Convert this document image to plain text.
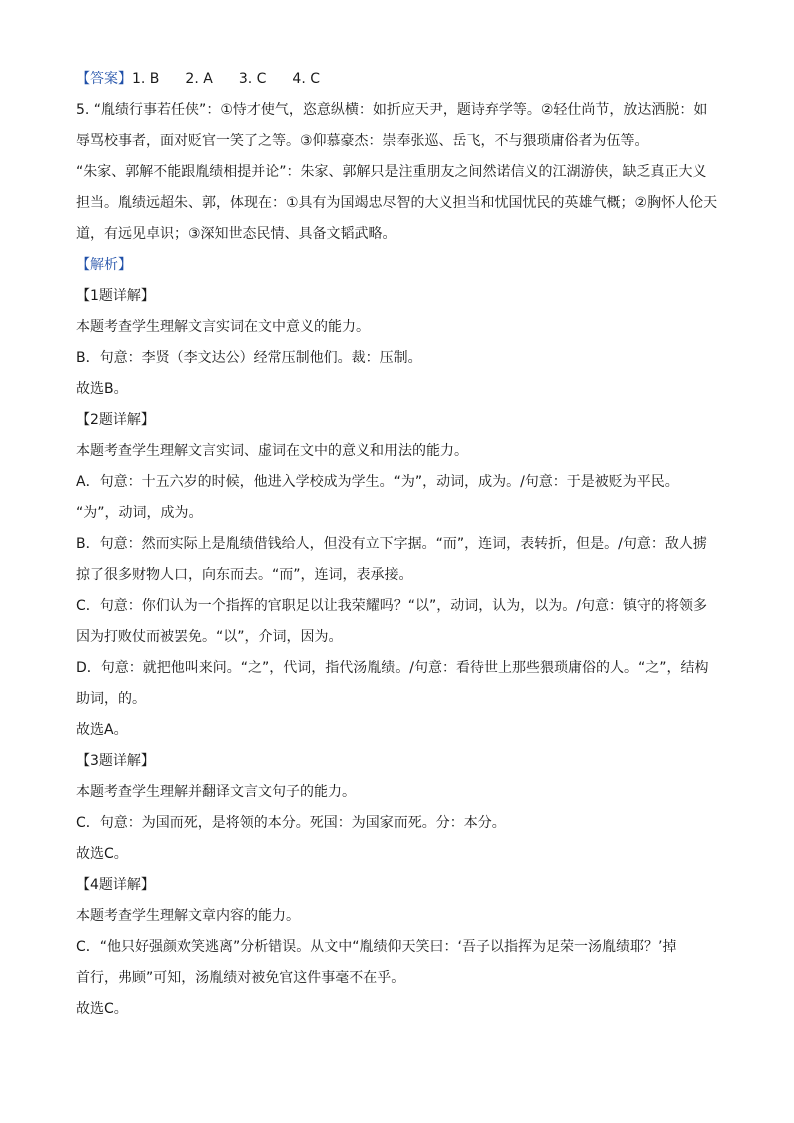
【答案】1. B 2. A 3. C 4. C
5. “胤绩行事若任侠”：①恃才使气，恣意纵横：如折应天尹，题诗弃学等。②轻仕尚节，放达洒脱：如
辱骂校事者，面对贬官一笑了之等。③仰慕豪杰：崇奉张巡、岳飞，不与猥琐庸俗者为伍等。
“朱家、郭解不能跟胤绩相提并论”：朱家、郭解只是注重朋友之间然诺信义的江湖游侠，缺乏真正大义
担当。胤绩远超朱、郭，体现在：①具有为国竭忠尽智的大义担当和忧国忧民的英雄气概；②胸怀人伦天
道，有远见卓识；③深知世态民情、具备文韬武略。
【解析】
【1题详解】
本题考查学生理解文言实词在文中意义的能力。
B．句意：李贤（李文达公）经常压制他们。裁：压制。
故选B。
【2题详解】
本题考查学生理解文言实词、虚词在文中的意义和用法的能力。
A．句意：十五六岁的时候，他进入学校成为学生。“为”，动词，成为。/句意：于是被贬为平民。
“为”，动词，成为。
B．句意：然而实际上是胤绩借钱给人，但没有立下字据。“而”，连词，表转折，但是。/句意：敌人掳
掠了很多财物人口，向东而去。“而”，连词，表承接。
C．句意：你们认为一个指挥的官职足以让我荣耀吗？“以”，动词，认为，以为。/句意：镇守的将领多
因为打败仗而被罢免。“以”，介词，因为。
D．句意：就把他叫来问。“之”，代词，指代汤胤绩。/句意：看待世上那些猥琐庸俗的人。“之”，结构
助词，的。
故选A。
【3题详解】
本题考查学生理解并翻译文言文句子的能力。
C．句意：为国而死，是将领的本分。死国：为国家而死。分：本分。
故选C。
【4题详解】
本题考查学生理解文章内容的能力。
C．“他只好强颜欢笑逃离”分析错误。从文中“胤绩仰天笑曰：‘吾子以指挥为足荣一汤胤绩耶？’掉
首行，弗顾”可知，汤胤绩对被免官这件事毫不在乎。
故选C。
